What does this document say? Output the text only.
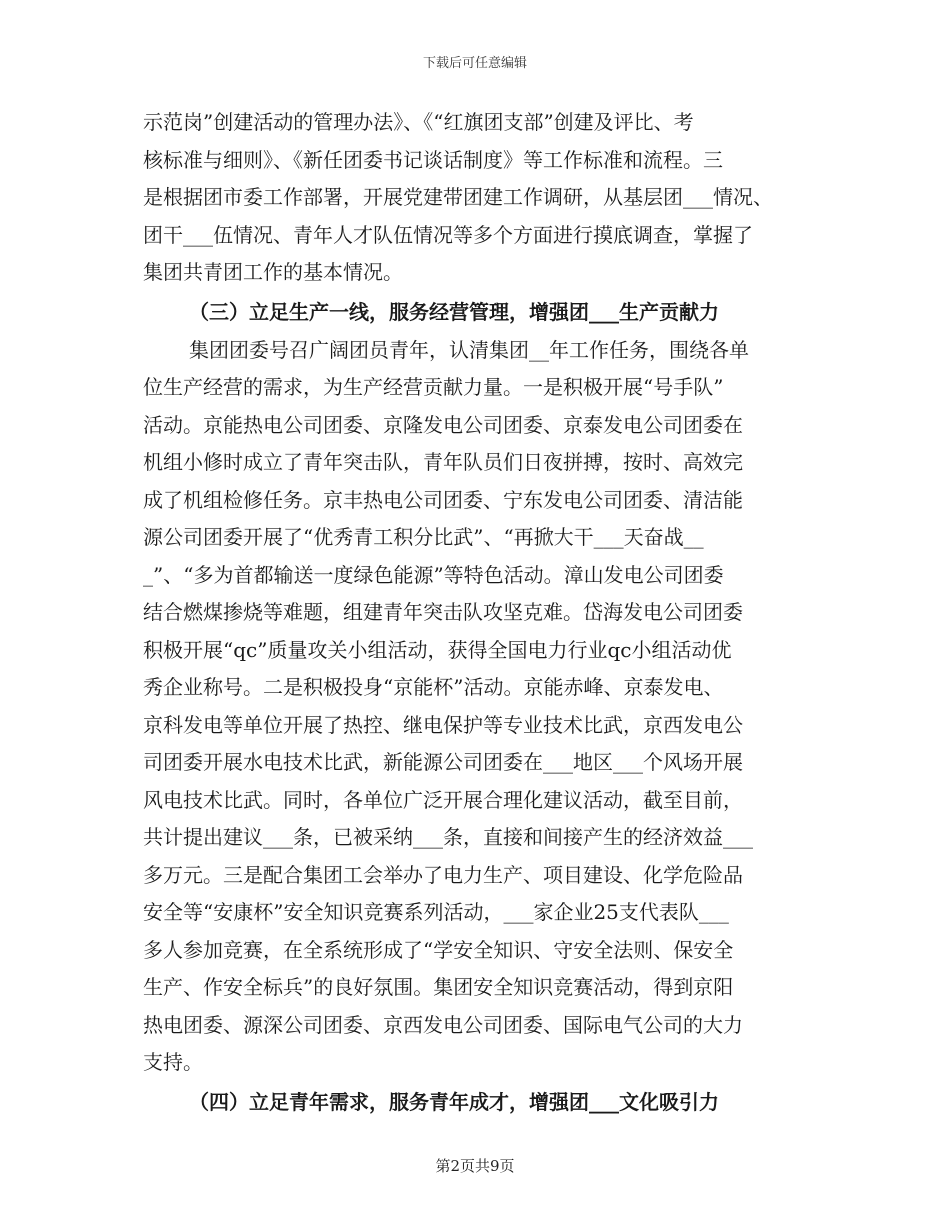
下载后可任意编辑
示范岗”创建活动的管理办法》、《“红旗团支部”创建及评比、考
核标准与细则》、《新任团委书记谈话制度》等工作标准和流程。三
是根据团市委工作部署，开展党建带团建工作调研，从基层团___情况、
团干___伍情况、青年人才队伍情况等多个方面进行摸底调查，掌握了
集团共青团工作的基本情况。
（三）立足生产一线，服务经营管理，增强团___生产贡献力
集团团委号召广阔团员青年，认清集团__年工作任务，围绕各单
位生产经营的需求，为生产经营贡献力量。一是积极开展“号手队”
活动。京能热电公司团委、京隆发电公司团委、京泰发电公司团委在
机组小修时成立了青年突击队，青年队员们日夜拼搏，按时、高效完
成了机组检修任务。京丰热电公司团委、宁东发电公司团委、清洁能
源公司团委开展了“优秀青工积分比武”、“再掀大干___天奋战__
_”、“多为首都输送一度绿色能源”等特色活动。漳山发电公司团委
结合燃煤掺烧等难题，组建青年突击队攻坚克难。岱海发电公司团委
积极开展“qc”质量攻关小组活动，获得全国电力行业qc小组活动优
秀企业称号。二是积极投身“京能杯”活动。京能赤峰、京泰发电、
京科发电等单位开展了热控、继电保护等专业技术比武，京西发电公
司团委开展水电技术比武，新能源公司团委在___地区___个风场开展
风电技术比武。同时，各单位广泛开展合理化建议活动，截至目前，
共计提出建议___条，已被采纳___条，直接和间接产生的经济效益___
多万元。三是配合集团工会举办了电力生产、项目建设、化学危险品
安全等“安康杯”安全知识竞赛系列活动，___家企业25支代表队___
多人参加竞赛，在全系统形成了“学安全知识、守安全法则、保安全
生产、作安全标兵”的良好氛围。集团安全知识竞赛活动，得到京阳
热电团委、源深公司团委、京西发电公司团委、国际电气公司的大力
支持。
（四）立足青年需求，服务青年成才，增强团___文化吸引力
第2页共9页
